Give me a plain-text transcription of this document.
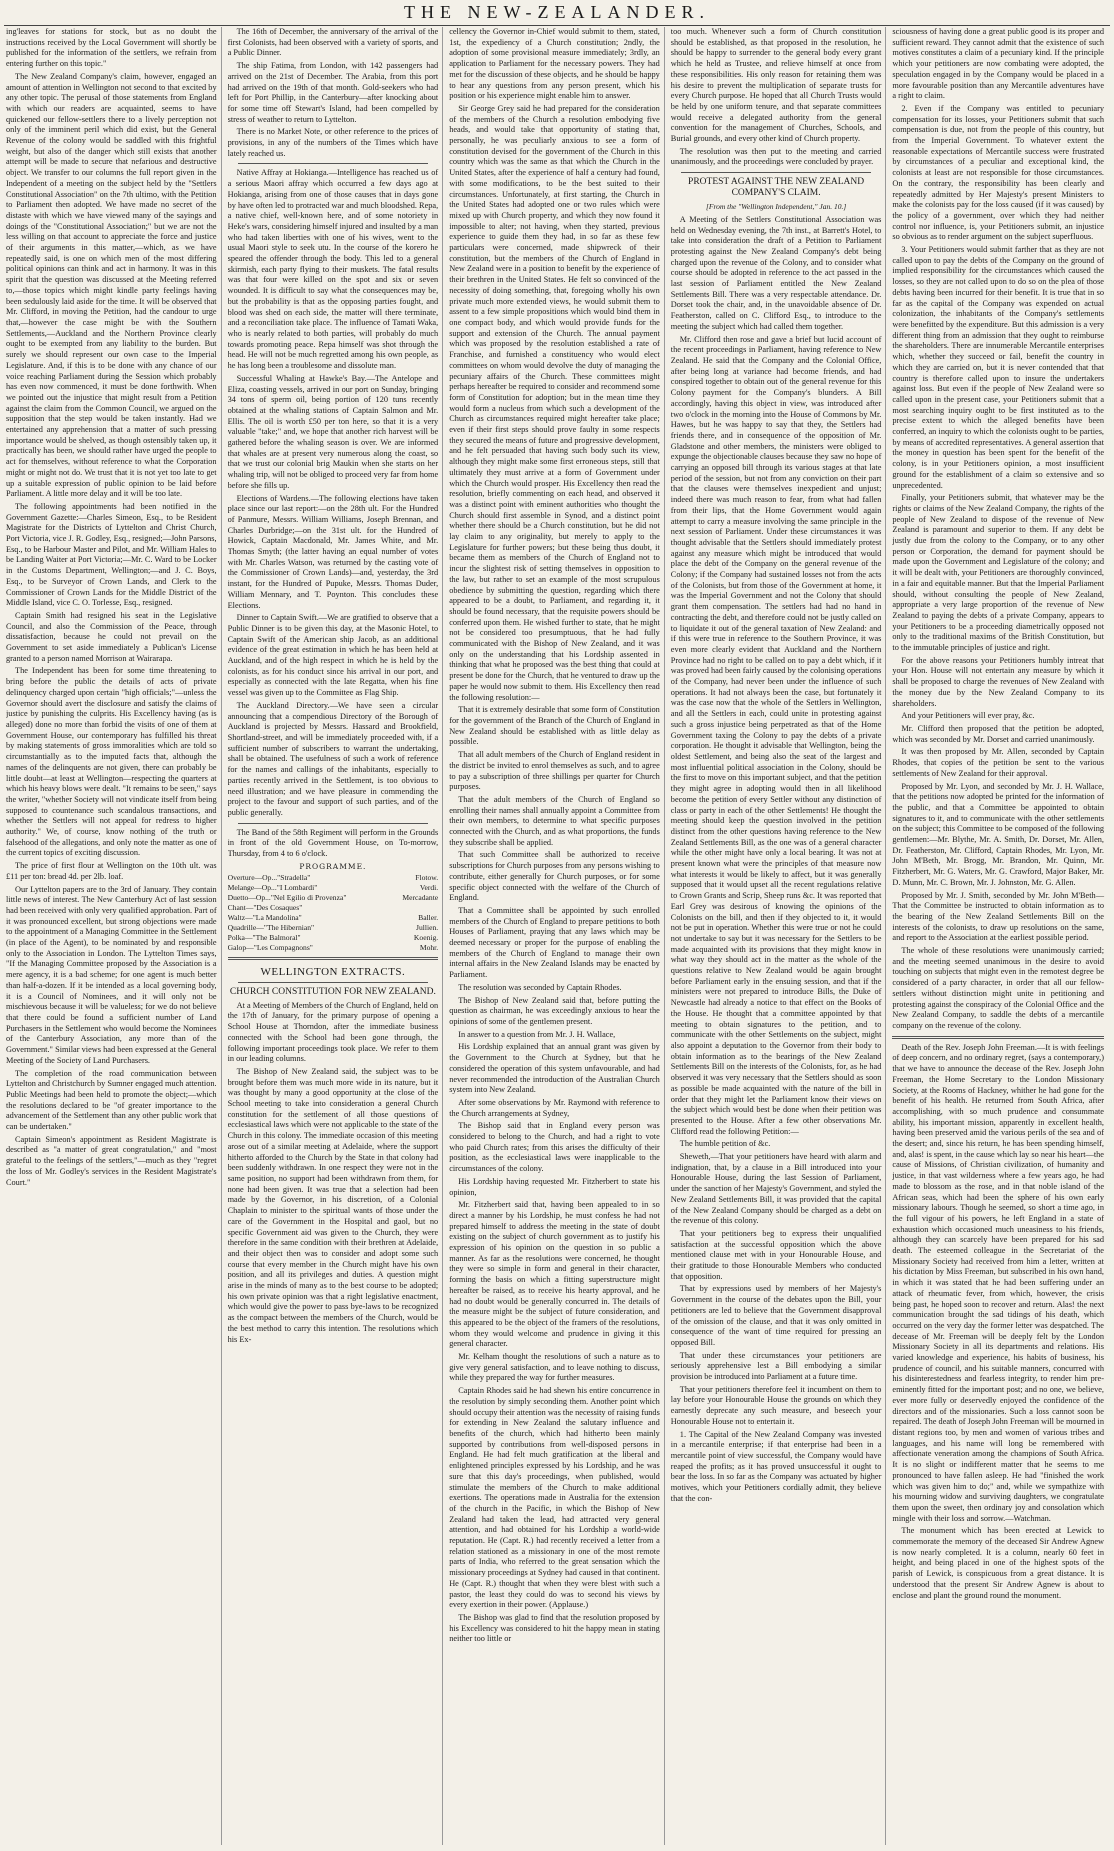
THE NEW-ZEALANDER.

ing'leaves for stations for stock, but as no doubt the instructions received by the Local Government will shortly be published for the information of the settlers, we refrain from entering further on this topic."

The New Zealand Company's claim, however, engaged an amount of attention in Wellington not second to that excited by any other topic. The perusal of those statements from England with which our readers are acquainted, seems to have quickened our fellow-settlers there to a lively perception not only of the imminent peril which did exist, but the General Revenue of the colony would be saddled with this frightful weight, but also of the danger which still exists that another attempt will be made to secure that nefarious and destructive object. We transfer to our columns the full report given in the Independent of a meeting on the subject held by the "Settlers Constitutional Association" on the 7th ultimo, with the Petition to Parliament then adopted. We have made no secret of the distaste with which we have viewed many of the sayings and doings of the "Constitutional Association;" but we are not the less willing on that account to appreciate the force and justice of their arguments in this matter,—which, as we have repeatedly said, is one on which men of the most differing political opinions can think and act in harmony. It was in this spirit that the question was discussed at the Meeting referred to,—those topics which might kindle party feelings having been sedulously laid aside for the time. It will be observed that Mr. Clifford, in moving the Petition, had the candour to urge that,—however the case might be with the Southern Settlements,—Auckland and the Northern Province clearly ought to be exempted from any liability to the burden. But surely we should represent our own case to the Imperial Legislature. And, if this is to be done with any chance of our voice reaching Parliament during the Session which probably has even now commenced, it must be done forthwith. When we pointed out the injustice that might result from a Petition against the claim from the Common Council, we argued on the supposition that the step would be taken instantly. Had we entertained any apprehension that a matter of such pressing importance would be shelved, as though ostensibly taken up, it practically has been, we should rather have urged the people to act for themselves, without reference to what the Corporation might or might not do. We trust that it is not yet too late to get up a suitable expression of public opinion to be laid before Parliament. A little more delay and it will be too late.

The following appointments had been notified in the Government Gazette:—Charles Simeon, Esq., to be Resident Magistrate for the Districts of Lyttelton and Christ Church, Port Victoria, vice J. R. Godley, Esq., resigned;—John Parsons, Esq., to be Harbour Master and Pilot, and Mr. William Hales to be Landing Waiter at Port Victoria;—Mr. C. Ward to be Locker in the Customs Department, Wellington;—and J. C. Boys, Esq., to be Surveyor of Crown Lands, and Clerk to the Commissioner of Crown Lands for the Middle District of the Middle Island, vice C. O. Torlesse, Esq., resigned.

Captain Smith had resigned his seat in the Legislative Council, and also the Commission of the Peace, through dissatisfaction, because he could not prevail on the Government to set aside immediately a Publican's License granted to a person named Morrison at Wairarapa.

The Independent has been for some time threatening to bring before the public the details of acts of private delinquency charged upon certain "high officials;"—unless the Governor should avert the disclosure and satisfy the claims of justice by punishing the culprits. His Excellency having (as is alleged) done no more than forbid the visits of one of them at Government House, our contemporary has fulfilled his threat by making statements of gross immoralities which are told so circumstantially as to the imputed facts that, although the names of the delinquents are not given, there can probably be little doubt—at least at Wellington—respecting the quarters at which his heavy blows were dealt. "It remains to be seen," says the writer, "whether Society will not vindicate itself from being supposed to countenance such scandalous transactions, and whether the Settlers will not appeal for redress to higher authority." We, of course, know nothing of the truth or falsehood of the allegations, and only note the matter as one of the current topics of exciting discussion.

The price of first flour at Wellington on the 10th ult. was £11 per ton: bread 4d. per 2lb. loaf.

Our Lyttelton papers are to the 3rd of January. They contain little news of interest. The New Canterbury Act of last session had been received with only very qualified approbation. Part of it was pronounced excellent, but strong objections were made to the appointment of a Managing Committee in the Settlement (in place of the Agent), to be nominated by and responsible only to the Association in London. The Lyttelton Times says, "If the Managing Committee proposed by the Association is a mere agency, it is a bad scheme; for one agent is much better than half-a-dozen. If it be intended as a local governing body, it is a Council of Nominees, and it will only not be mischievous because it will be valueless; for we do not believe that there could be found a sufficient number of Land Purchasers in the Settlement who would become the Nominees of the Canterbury Association, any more than of the Government." Similar views had been expressed at the General Meeting of the Society of Land Purchasers.

The completion of the road communication between Lyttelton and Christchurch by Sumner engaged much attention. Public Meetings had been held to promote the object;—which the resolutions declared to be "of greater importance to the advancement of the Settlement than any other public work that can be undertaken."

Captain Simeon's appointment as Resident Magistrate is described as "a matter of great congratulation," and "most grateful to the feelings of the settlers,"—much as they "regret the loss of Mr. Godley's services in the Resident Magistrate's Court."

The 16th of December, the anniversary of the arrival of the first Colonists, had been observed with a variety of sports, and a Public Dinner.

The ship Fatima, from London, with 142 passengers had arrived on the 21st of December. The Arabia, from this port had arrived on the 19th of that month. Gold-seekers who had left for Port Phillip, in the Canterbury—after knocking about for some time off Stewart's Island, had been compelled by stress of weather to return to Lyttelton.

There is no Market Note, or other reference to the prices of provisions, in any of the numbers of the Times which have lately reached us.

Native Affray at Hokianga.—Intelligence has reached us of a serious Maori affray which occurred a few days ago at Hokianga, arising from one of those causes that in days gone by have often led to protracted war and much bloodshed. Repa, a native chief, well-known here, and of some notoriety in Heke's wars, considering himself injured and insulted by a man who had taken liberties with one of his wives, went to the usual Maori style to seek utu. In the course of the korero he speared the offender through the body. This led to a general skirmish, each party flying to their muskets. The fatal results was that four were killed on the spot and six or seven wounded. It is difficult to say what the consequences may be, but the probability is that as the opposing parties fought, and blood was shed on each side, the matter will there terminate, and a reconciliation take place. The influence of Tamati Waka, who is nearly related to both parties, will probably do much towards promoting peace. Repa himself was shot through the head. He will not be much regretted among his own people, as he has long been a troublesome and dissolute man.

Successful Whaling at Hawke's Bay.—The Antelope and Eliza, coasting vessels, arrived in our port on Sunday, bringing 34 tons of sperm oil, being portion of 120 tuns recently obtained at the whaling stations of Captain Salmon and Mr. Ellis. The oil is worth £50 per ton here, so that it is a very valuable "take;" and, we hope that another rich harvest will be gathered before the whaling season is over. We are informed that whales are at present very numerous along the coast, so that we trust our colonial brig Maukin when she starts on her whaling trip, will not be obliged to proceed very far from home before she fills up.

Elections of Wardens.—The following elections have taken place since our last report:—on the 28th ult. For the Hundred of Panmure, Messrs. William Williams, Joseph Brennan, and Charles Durbridge;—on the 31st ult. for the Hundred of Howick, Captain Macdonald, Mr. James White, and Mr. Thomas Smyth; (the latter having an equal number of votes with Mr. Charles Watson, was returned by the casting vote of the Commissioner of Crown Lands)—and, yesterday, the 3rd instant, for the Hundred of Pupuke, Messrs. Thomas Duder, William Mennary, and T. Poynton. This concludes these Elections.

Dinner to Captain Swift.—We are gratified to observe that a Public Dinner is to be given this day, at the Masonic Hotel, to Captain Swift of the American ship Jacob, as an additional evidence of the great estimation in which he has been held at Auckland, and of the high respect in which he is held by the colonists, as for his conduct since his arrival in our port, and especially as connected with the late Regatta, when his fine vessel was given up to the Committee as Flag Ship.

The Auckland Directory.—We have seen a circular announcing that a compendious Directory of the Borough of Auckland is projected by Messrs. Hassard and Brookfield, Shortland-street, and will be immediately proceeded with, if a sufficient number of subscribers to warrant the undertaking, shall be obtained. The usefulness of such a work of reference for the names and callings of the inhabitants, especially to parties recently arrived in the Settlement, is too obvious to need illustration; and we have pleasure in commending the project to the favour and support of such parties, and of the public generally.

The Band of the 58th Regiment will perform in the Grounds in front of the old Government House, on To-morrow, Thursday, from 4 to 6 o'clock.

PROGRAMME.
Overture—Op..."Stradella"	Flotow.
Melange—Op..."I Lombardi"	Verdi.
Duetto—Op..."Nel Egilio di Provenza"	Mercadante
Chant—"Des Cosaques"
Waltz—"La Mandolina"	Baller.
Quadrille—"The Hibernian"	Jullien.
Polka—"The Balmoral"	Koenig.
Galop—"Les Compagnons"	Mohr.
WELLINGTON EXTRACTS.
CHURCH CONSTITUTION FOR NEW ZEALAND.

At a Meeting of Members of the Church of England, held on the 17th of January, for the primary purpose of opening a School House at Thorndon, after the immediate business connected with the School had been gone through, the following important proceedings took place. We refer to them in our leading columns.

The Bishop of New Zealand said, the subject was to be brought before them was much more wide in its nature, but it was thought by many a good opportunity at the close of the School meeting to take into consideration a general Church constitution for the settlement of all those questions of ecclesiastical laws which were not applicable to the state of the Church in this colony. The immediate occasion of this meeting arose out of a similar meeting at Adelaide, where the support hitherto afforded to the Church by the State in that colony had been suddenly withdrawn. In one respect they were not in the same position, no support had been withdrawn from them, for none had been given. It was true that a selection had been made by the Governor, in his discretion, of a Colonial Chaplain to minister to the spiritual wants of those under the care of the Government in the Hospital and gaol, but no specific Government aid was given to the Church, they were therefore in the same condition with their brethren at Adelaide, and their object then was to consider and adopt some such course that every member in the Church might have his own position, and all its privileges and duties. A question might arise in the minds of many as to the best course to be adopted; his own private opinion was that a right legislative enactment, which would give the power to pass bye-laws to be recognized as the compact between the members of the Church, would be the best method to carry this intention. The resolutions which his Ex-

cellency the Governor in-Chief would submit to them, stated, 1st, the expediency of a Church constitution; 2ndly, the adoption of some provisional measure immediately; 3rdly, an application to Parliament for the necessary powers. They had met for the discussion of these objects, and he should be happy to hear any questions from any person present, which his position or his experience might enable him to answer.

Sir George Grey said he had prepared for the consideration of the members of the Church a resolution embodying five heads, and would take that opportunity of stating that, personally, he was peculiarly anxious to see a form of constitution devised for the government of the Church in this country which was the same as that which the Church in the United States, after the experience of half a century had found, with some modifications, to be the best suited to their circumstances. Unfortunately, at first starting, the Church in the United States had adopted one or two rules which were mixed up with Church property, and which they now found it impossible to alter; not having, when they started, previous experience to guide them they had, in so far as these few particulars were concerned, made shipwreck of their constitution, but the members of the Church of England in New Zealand were in a position to benefit by the experience of their brethren in the United States. He felt so convinced of the necessity of doing something, that, foregoing wholly his own private much more extended views, he would submit them to assent to a few simple propositions which would bind them in one compact body, and which would provide funds for the support and extension of the Church. The annual payment which was proposed by the resolution established a rate of Franchise, and furnished a constituency who would elect committees on whom would devolve the duty of managing the pecuniary affairs of the Church. These committees might perhaps hereafter be required to consider and recommend some form of Constitution for adoption; but in the mean time they would form a nucleus from which such a development of the Church as circumstances required might hereafter take place; even if their first steps should prove faulty in some respects they secured the means of future and progressive development, and he felt persuaded that having such body such its view, although they might make some first erroneous steps, still that ultimately they must arrive at a form of Government under which the Church would prosper. His Excellency then read the resolution, briefly commenting on each head, and observed it was a distinct point with eminent authorities who thought the Church should first assemble in Synod, and a distinct point whether there should be a Church constitution, but he did not lay claim to any originality, but merely to apply to the Legislature for further powers; but these being thus doubt, it became them as members of the Church of England not to incur the slightest risk of setting themselves in opposition to the law, but rather to set an example of the most scrupulous obedience by submitting the question, regarding which there appeared to be a doubt, to Parliament, and regarding it, it should be found necessary, that the requisite powers should be conferred upon them. He wished further to state, that he might not be considered too presumptuous, that he had fully communicated with the Bishop of New Zealand, and it was only on the understanding that his Lordship assented in thinking that what he proposed was the best thing that could at present be done for the Church, that he ventured to draw up the paper he would now submit to them. His Excellency then read the following resolution:—

That it is extremely desirable that some form of Constitution for the government of the Branch of the Church of England in New Zealand should be established with as little delay as possible.

That all adult members of the Church of England resident in the district be invited to enrol themselves as such, and to agree to pay a subscription of three shillings per quarter for Church purposes.

That the adult members of the Church of England so enrolling their names shall annually appoint a Committee from their own members, to determine to what specific purposes connected with the Church, and as what proportions, the funds they subscribe shall be applied.

That such Committee shall be authorized to receive subscriptions for Church purposes from any persons wishing to contribute, either generally for Church purposes, or for some specific object connected with the welfare of the Church of England.

That a Committee shall be appointed by such enrolled members of the Church of England to prepare petitions to both Houses of Parliament, praying that any laws which may be deemed necessary or proper for the purpose of enabling the members of the Church of England to manage their own internal affairs in the New Zealand Islands may be enacted by Parliament.

The resolution was seconded by Captain Rhodes.

The Bishop of New Zealand said that, before putting the question as chairman, he was exceedingly anxious to hear the opinions of some of the gentlemen present.

In answer to a question from Mr. J. H. Wallace,

His Lordship explained that an annual grant was given by the Government to the Church at Sydney, but that he considered the operation of this system unfavourable, and had never recommended the introduction of the Australian Church system into New Zealand.

After some observations by Mr. Raymond with reference to the Church arrangements at Sydney,

The Bishop said that in England every person was considered to belong to the Church, and had a right to vote who paid Church rates; from this arises the difficulty of their position, as the ecclesiastical laws were inapplicable to the circumstances of the colony.

His Lordship having requested Mr. Fitzherbert to state his opinion,

Mr. Fitzherbert said that, having been appealed to in so direct a manner by his Lordship, he must confess he had not prepared himself to address the meeting in the state of doubt existing on the subject of church government as to justify his expression of his opinion on the question in so public a manner. As far as the resolutions were concerned, he thought they were so simple in form and general in their character, forming the basis on which a fitting superstructure might hereafter be raised, as to receive his hearty approval, and he had no doubt would be generally concurred in. The details of the measure might be the subject of future consideration, and this appeared to be the object of the framers of the resolutions, whom they would welcome and prudence in giving it this general character.

Mr. Kelham thought the resolutions of such a nature as to give very general satisfaction, and to leave nothing to discuss, while they prepared the way for further measures.

Captain Rhodes said he had shewn his entire concurrence in the resolution by simply seconding them. Another point which should occupy their attention was the necessity of raising funds for extending in New Zealand the salutary influence and benefits of the church, which had hitherto been mainly supported by contributions from well-disposed persons in England. He had felt much gratification at the liberal and enlightened principles expressed by his Lordship, and he was sure that this day's proceedings, when published, would stimulate the members of the Church to make additional exertions. The operations made in Australia for the extension of the church in the Pacific, in which the Bishop of New Zealand had taken the lead, had attracted very general attention, and had obtained for his Lordship a world-wide reputation. He (Capt. R.) had recently received a letter from a relation stationed as a missionary in one of the most remote parts of India, who referred to the great sensation which the missionary proceedings at Sydney had caused in that continent. He (Capt. R.) thought that when they were blest with such a pastor, the least they could do was to second his views by every exertion in their power. (Applause.)

The Bishop was glad to find that the resolution proposed by his Excellency was considered to hit the happy mean in stating neither too little or

too much. Whenever such a form of Church constitution should be established, as that proposed in the resolution, he should be happy to surrender to the general body every grant which he held as Trustee, and relieve himself at once from these responsibilities. His only reason for retaining them was his desire to prevent the multiplication of separate trusts for every Church purpose. He hoped that all Church Trusts would be held by one uniform tenure, and that separate committees would receive a delegated authority from the general convention for the management of Churches, Schools, and Burial grounds, and every other kind of Church property.

The resolution was then put to the meeting and carried unanimously, and the proceedings were concluded by prayer.

PROTEST AGAINST THE NEW ZEALAND COMPANY'S CLAIM.

[From the "Wellington Independent," Jan. 10.]

A Meeting of the Settlers Constitutional Association was held on Wednesday evening, the 7th inst., at Barrett's Hotel, to take into consideration the draft of a Petition to Parliament protesting against the New Zealand Company's debt being charged upon the revenue of the Colony, and to consider what course should be adopted in reference to the act passed in the last session of Parliament entitled the New Zealand Settlements Bill. There was a very respectable attendance. Dr. Dorset took the chair, and, in the unavoidable absence of Dr. Featherston, called on C. Clifford Esq., to introduce to the meeting the subject which had called them together.

Mr. Clifford then rose and gave a brief but lucid account of the recent proceedings in Parliament, having reference to New Zealand. He said that the Company and the Colonial Office, after being long at variance had become friends, and had conspired together to obtain out of the general revenue for this Colony payment for the Company's blunders. A Bill accordingly, having this object in view, was introduced after two o'clock in the morning into the House of Commons by Mr. Hawes, but he was happy to say that they, the Settlers had friends there, and in consequence of the opposition of Mr. Gladstone and other members, the ministers were obliged to expunge the objectionable clauses because they saw no hope of carrying an opposed bill through its various stages at that late period of the session, but not from any conviction on their part that the clauses were themselves inexpedient and unjust; indeed there was much reason to fear, from what had fallen from their lips, that the Home Government would again attempt to carry a measure involving the same principle in the next session of Parliament. Under these circumstances it was thought advisable that the Settlers should immediately protest against any measure which might be introduced that would place the debt of the Company on the general revenue of the Colony; if the Company had sustained losses not from the acts of the Colonists, but from those of the Government at home, it was the Imperial Government and not the Colony that should grant them compensation. The settlers had had no hand in contracting the debt, and therefore could not be justly called on to liquidate it out of the general taxation of New Zealand: and if this were true in reference to the Southern Province, it was even more clearly evident that Auckland and the Northern Province had no right to be called on to pay a debt which, if it was proved had been fairly caused by the colonising operations of the Company, had never been under the influence of such operations. It had not always been the case, but fortunately it was the case now that the whole of the Settlers in Wellington, and all the Settlers in each, could unite in protesting against such a gross injustice being perpetrated as that of the Home Government taxing the Colony to pay the debts of a private corporation. He thought it advisable that Wellington, being the oldest Settlement, and being also the seat of the largest and most influential political association in the Colony, should be the first to move on this important subject, and that the petition they might agree in adopting would then in all likelihood become the petition of every Settler without any distinction of class or party in each of the other Settlements! He thought the meeting should keep the question involved in the petition distinct from the other questions having reference to the New Zealand Settlements Bill, as the one was of a general character while the other might have only a local bearing. It was not at present known what were the principles of that measure now what interests it would be likely to affect, but it was generally supposed that it would upset all the recent regulations relative to Crown Grants and Scrip, Sheep runs &c. It was reported that Earl Grey was desirous of knowing the opinions of the Colonists on the bill, and then if they objected to it, it would not be put in operation. Whether this were true or not he could not undertake to say but it was necessary for the Settlers to be made acquainted with its provisions that they might know in what way they should act in the matter as the whole of the questions relative to New Zealand would be again brought before Parliament early in the ensuing session, and that if the ministers were not prepared to introduce Bills, the Duke of Newcastle had already a notice to that effect on the Books of the House. He thought that a committee appointed by that meeting to obtain signatures to the petition, and to communicate with the other Settlements on the subject, might also appoint a deputation to the Governor from their body to obtain information as to the bearings of the New Zealand Settlements Bill on the interests of the Colonists, for, as he had observed it was very necessary that the Settlers should as soon as possible be made acquainted with the nature of the bill in order that they might let the Parliament know their views on the subject which would best be done when their petition was presented to the House. After a few other observations Mr. Clifford read the following Petition:—

The humble petition of &c.

Sheweth,—That your petitioners have heard with alarm and indignation, that, by a clause in a Bill introduced into your Honourable House, during the last Session of Parliament, under the sanction of her Majesty's Government, and styled the New Zealand Settlements Bill, it was provided that the capital of the New Zealand Company should be charged as a debt on the revenue of this colony.

That your petitioners beg to express their unqualified satisfaction at the successful opposition which the above mentioned clause met with in your Honourable House, and their gratitude to those Honourable Members who conducted that opposition.

That by expressions used by members of her Majesty's Government in the course of the debates upon the Bill, your petitioners are led to believe that the Government disapproval of the omission of the clause, and that it was only omitted in consequence of the want of time required for pressing an opposed Bill.

That under these circumstances your petitioners are seriously apprehensive lest a Bill embodying a similar provision be introduced into Parliament at a future time.

That your petitioners therefore feel it incumbent on them to lay before your Honourable House the grounds on which they earnestly deprecate any such measure, and beseech your Honourable House not to entertain it.

1. The Capital of the New Zealand Company was invested in a mercantile enterprise; if that enterprise had been in a mercantile point of view successful, the Company would have reaped the profits; as it has proved unsuccessful it ought to bear the loss. In so far as the Company was actuated by higher motives, which your Petitioners cordially admit, they believe that the con-

sciousness of having done a great public good is its proper and sufficient reward. They cannot admit that the existence of such motives constitutes a claim of a pecuniary kind. If the principle which your petitioners are now combating were adopted, the speculation engaged in by the Company would be placed in a more favourable position than any Mercantile adventures have a right to claim.

2. Even if the Company was entitled to pecuniary compensation for its losses, your Petitioners submit that such compensation is due, not from the people of this country, but from the Imperial Government. To whatever extent the reasonable expectations of Mercantile success were frustrated by circumstances of a peculiar and exceptional kind, the colonists at least are not responsible for those circumstances. On the contrary, the responsibility has been clearly and repeatedly admitted by Her Majesty's present Ministers to make the colonists pay for the loss caused (if it was caused) by the policy of a government, over which they had neither control nor influence, is, your Petitioners submit, an injustice so obvious as to render argument on the subject superfluous.

3. Your Petitioners would submit farther that as they are not called upon to pay the debts of the Company on the ground of implied responsibility for the circumstances which caused the losses, so they are not called upon to do so on the plea of those debts having been incurred for their benefit. It is true that in so far as the capital of the Company was expended on actual colonization, the inhabitants of the Company's settlements were benefitted by the expenditure. But this admission is a very different thing from an admission that they ought to reimburse the shareholders. There are innumerable Mercantile enterprises which, whether they succeed or fail, benefit the country in which they are carried on, but it is never contended that that country is therefore called upon to insure the undertakers against loss. But even if the people of New Zealand were so called upon in the present case, your Petitioners submit that a most searching inquiry ought to be first instituted as to the precise extent to which the alleged benefits have been conferred, an inquiry to which the colonists ought to be parties, by means of accredited representatives. A general assertion that the money in question has been spent for the benefit of the colony, is in your Petitioners opinion, a most insufficient ground for the establishment of a claim so extensive and so unprecedented.

Finally, your Petitioners submit, that whatever may be the rights or claims of the New Zealand Company, the rights of the people of New Zealand to dispose of the revenue of New Zealand is paramount and superior to them. If any debt be justly due from the colony to the Company, or to any other person or Corporation, the demand for payment should be made upon the Government and Legislature of the colony; and it will be dealt with, your Petitioners are thoroughly convinced, in a fair and equitable manner. But that the Imperial Parliament should, without consulting the people of New Zealand, appropriate a very large proportion of the revenue of New Zealand to paying the debts of a private Company, appears to your Petitioners to be a proceeding diametrically opposed not only to the traditional maxims of the British Constitution, but to the immutable principles of justice and right.

For the above reasons your Petitioners humbly intreat that your Hon. House will not entertain any measure by which it shall be proposed to charge the revenues of New Zealand with the money due by the New Zealand Company to its shareholders.

And your Petitioners will ever pray, &c.

Mr. Clifford then proposed that the petition be adopted, which was seconded by Mr. Dorset and carried unanimously.

It was then proposed by Mr. Allen, seconded by Captain Rhodes, that copies of the petition be sent to the various settlements of New Zealand for their approval.

Proposed by Mr. Lyon, and seconded by Mr. J. H. Wallace, that the petitions now adopted be printed for the information of the public, and that a Committee be appointed to obtain signatures to it, and to communicate with the other settlements on the subject; this Committee to be composed of the following gentlemen:—Mr. Blythe, Mr. A. Smith, Dr. Dorset, Mr. Allen, Dr. Featherston, Mr. Clifford, Captain Rhodes, Mr. Lyon, Mr. John M'Beth, Mr. Brogg, Mr. Brandon, Mr. Quinn, Mr. Fitzherbert, Mr. G. Waters, Mr. G. Crawford, Major Baker, Mr. D. Munn, Mr. C. Brown, Mr. J. Johnston, Mr. G. Allen.

Proposed by Mr. J. Smith, seconded by Mr. John M'Beth—That the Committee be instructed to obtain information as to the bearing of the New Zealand Settlements Bill on the interests of the colonists, to draw up resolutions on the same, and report to the Association at the earliest possible period.

The whole of these resolutions were unanimously carried; and the meeting seemed unanimous in the desire to avoid touching on subjects that might even in the remotest degree be considered of a party character, in order that all our fellow-settlers without distinction might unite in petitioning and protesting against the conspiracy of the Colonial Office and the New Zealand Company, to saddle the debts of a mercantile company on the revenue of the colony.

Death of the Rev. Joseph John Freeman.—It is with feelings of deep concern, and no ordinary regret, (says a contemporary,) that we have to announce the decease of the Rev. Joseph John Freeman, the Home Secretary to the London Missionary Society, at the Rooms of Hackney, whither he had gone for the benefit of his health. He returned from South Africa, after accomplishing, with so much prudence and consummate ability, his important mission, apparently in excellent health, having been preserved amid the various perils of the sea and of the desert; and, since his return, he has been spending himself, and, alas! is spent, in the cause which lay so near his heart—the cause of Missions, of Christian civilization, of humanity and justice, in that vast wilderness where a few years ago, he had made to blossom as the rose, and in that noble island of the African seas, which had been the sphere of his own early missionary labours. Though he seemed, so short a time ago, in the full vigour of his powers, he left England in a state of exhaustion which occasioned much uneasiness to his friends, although they can scarcely have been prepared for his sad death. The esteemed colleague in the Secretariat of the Missionary Society had received from him a letter, written at his dictation by Miss Freeman, but subscribed in his own hand, in which it was stated that he had been suffering under an attack of rheumatic fever, from which, however, the crisis being past, he hoped soon to recover and return. Alas! the next communication brought the sad tidings of his death, which occurred on the very day the former letter was despatched. The decease of Mr. Freeman will be deeply felt by the London Missionary Society in all its departments and relations. His varied knowledge and experience, his habits of business, his prudence of council, and his suitable manners, concurred with his disinterestedness and fearless integrity, to render him pre-eminently fitted for the important post; and no one, we believe, ever more fully or deservedly enjoyed the confidence of the directors and of the missionaries. Such a loss cannot soon be repaired. The death of Joseph John Freeman will be mourned in distant regions too, by men and women of various tribes and languages, and his name will long be remembered with affectionate veneration among the champions of South Africa. It is no slight or indifferent matter that he seems to me pronounced to have fallen asleep. He had "finished the work which was given him to do;" and, while we sympathize with his mourning widow and surviving daughters, we congratulate them upon the sweet, then ordinary joy and consolation which mingle with their loss and sorrow.—Watchman.

The monument which has been erected at Lewick to commemorate the memory of the deceased Sir Andrew Agnew is now nearly completed. It is a column, nearly 60 feet in height, and being placed in one of the highest spots of the parish of Lewick, is conspicuous from a great distance. It is understood that the present Sir Andrew Agnew is about to enclose and plant the ground round the monument.
